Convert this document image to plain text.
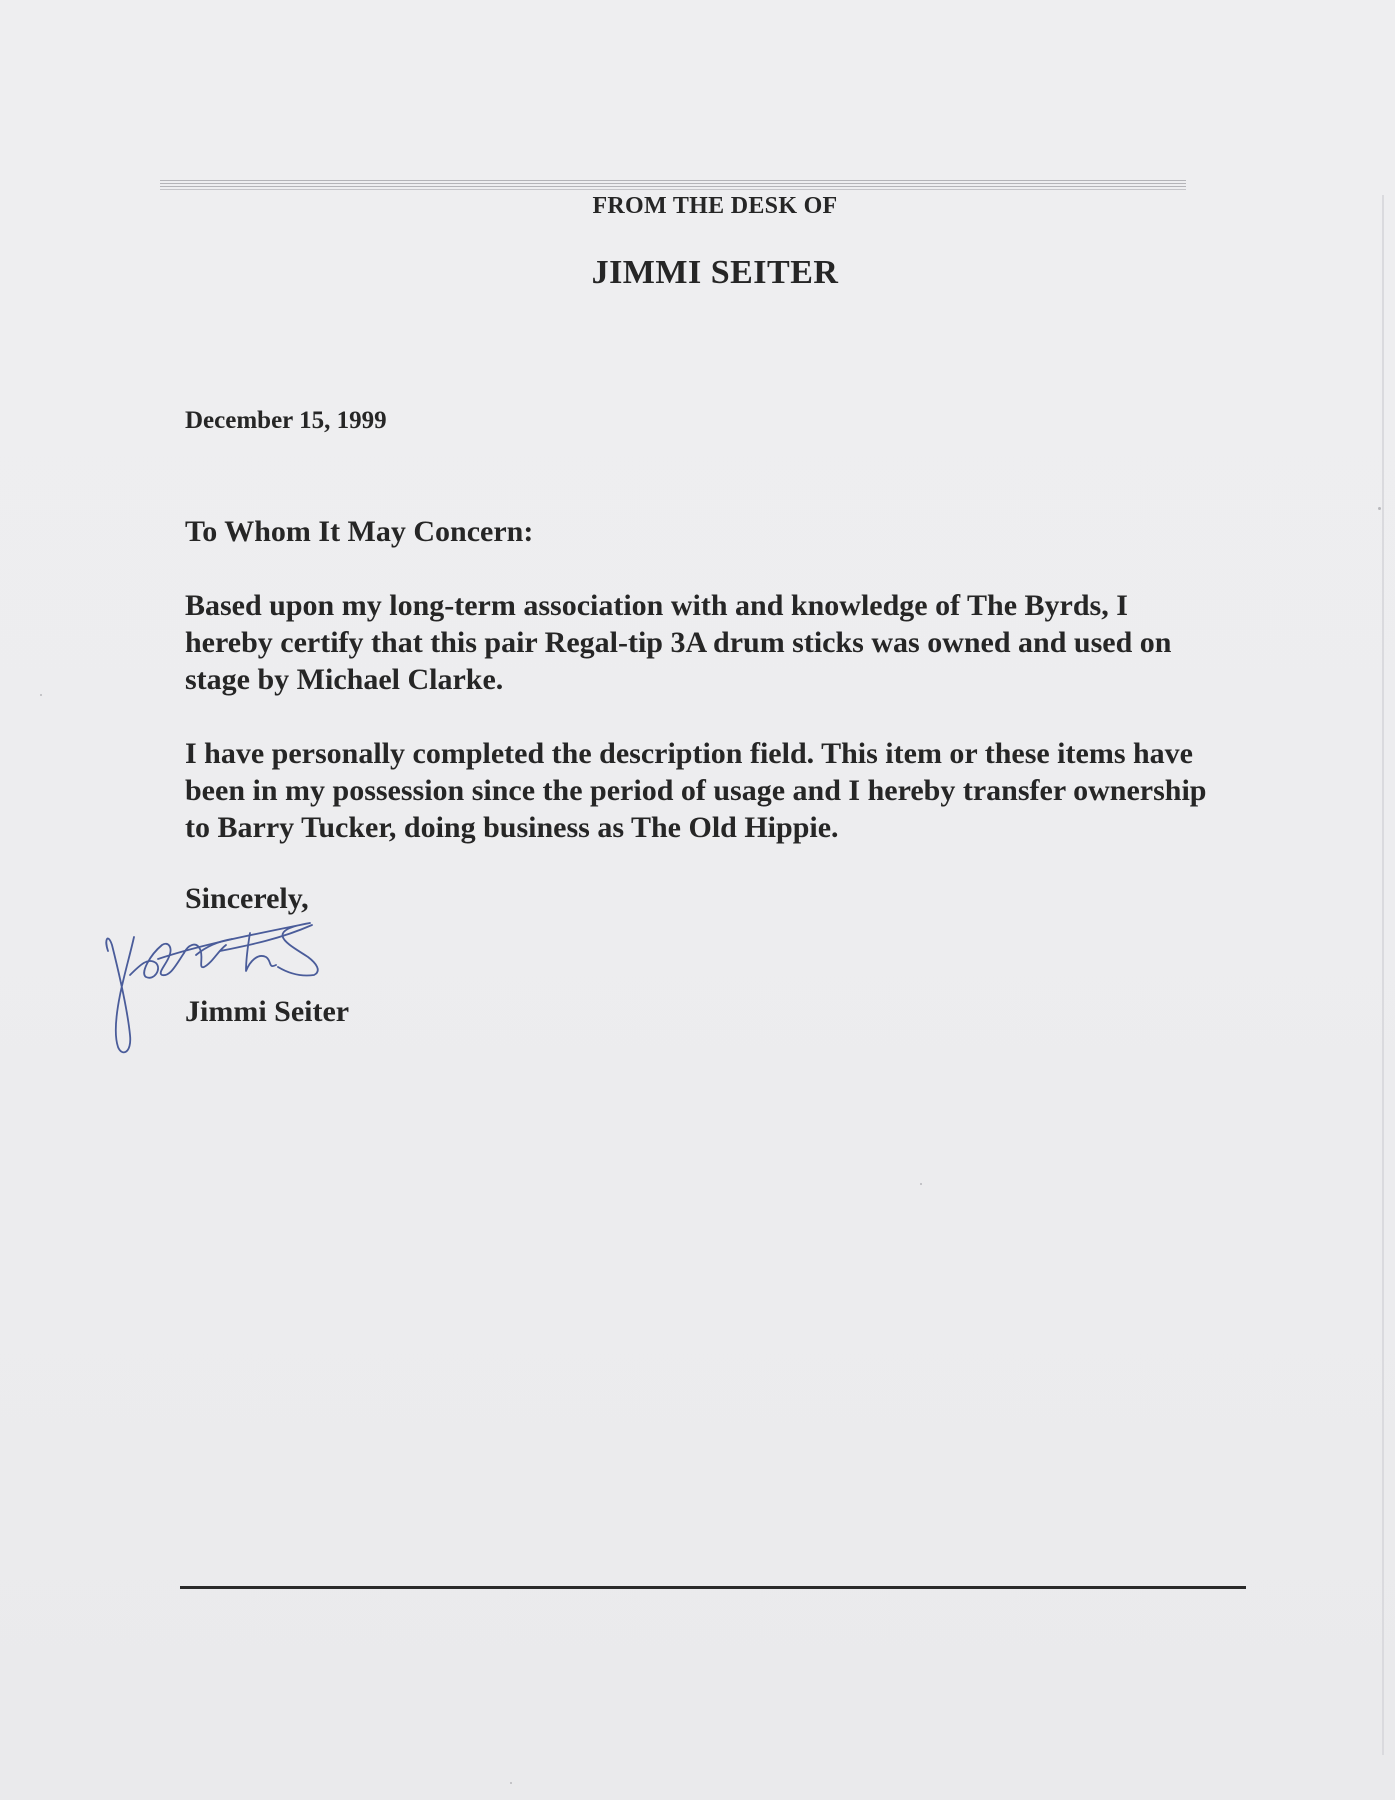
FROM THE DESK OF
JIMMI SEITER
December 15, 1999
To Whom It May Concern:

Based upon my long-term association with and knowledge of The Byrds, I hereby certify that this pair Regal-tip 3A drum sticks was owned and used on stage by Michael Clarke.

I have personally completed the description field. This item or these items have been in my possession since the period of usage and I hereby transfer ownership to Barry Tucker, doing business as The Old Hippie.

Sincerely,
Jimmi Seiter
